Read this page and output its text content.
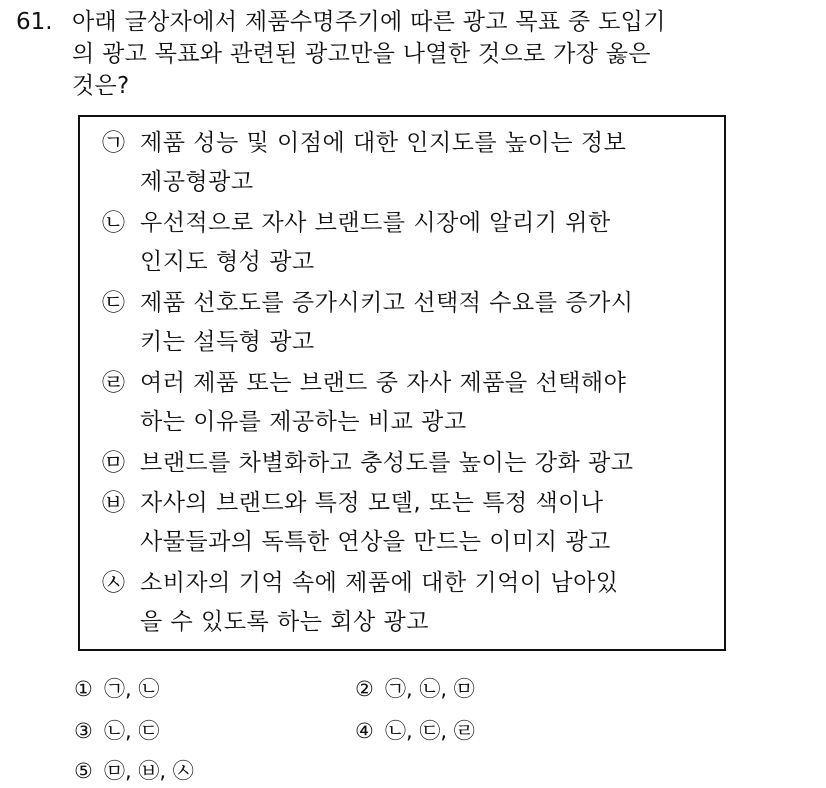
61. 아래 글상자에서 제품수명주기에 따른 광고 목표 중 도입기
의 광고 목표와 관련된 광고만을 나열한 것으로 가장 옳은
것은?
㉠ 제품 성능 및 이점에 대한 인지도를 높이는 정보
제공형광고
㉡ 우선적으로 자사 브랜드를 시장에 알리기 위한
인지도 형성 광고
㉢ 제품 선호도를 증가시키고 선택적 수요를 증가시
키는 설득형 광고
㉣ 여러 제품 또는 브랜드 중 자사 제품을 선택해야
하는 이유를 제공하는 비교 광고
㉤ 브랜드를 차별화하고 충성도를 높이는 강화 광고
㉥ 자사의 브랜드와 특정 모델, 또는 특정 색이나
사물들과의 독특한 연상을 만드는 이미지 광고
㉦ 소비자의 기억 속에 제품에 대한 기억이 남아있
을 수 있도록 하는 회상 광고
① ㉠, ㉡	② ㉠, ㉡, ㉤
③ ㉡, ㉢	④ ㉡, ㉢, ㉣
⑤ ㉤, ㉥, ㉦
